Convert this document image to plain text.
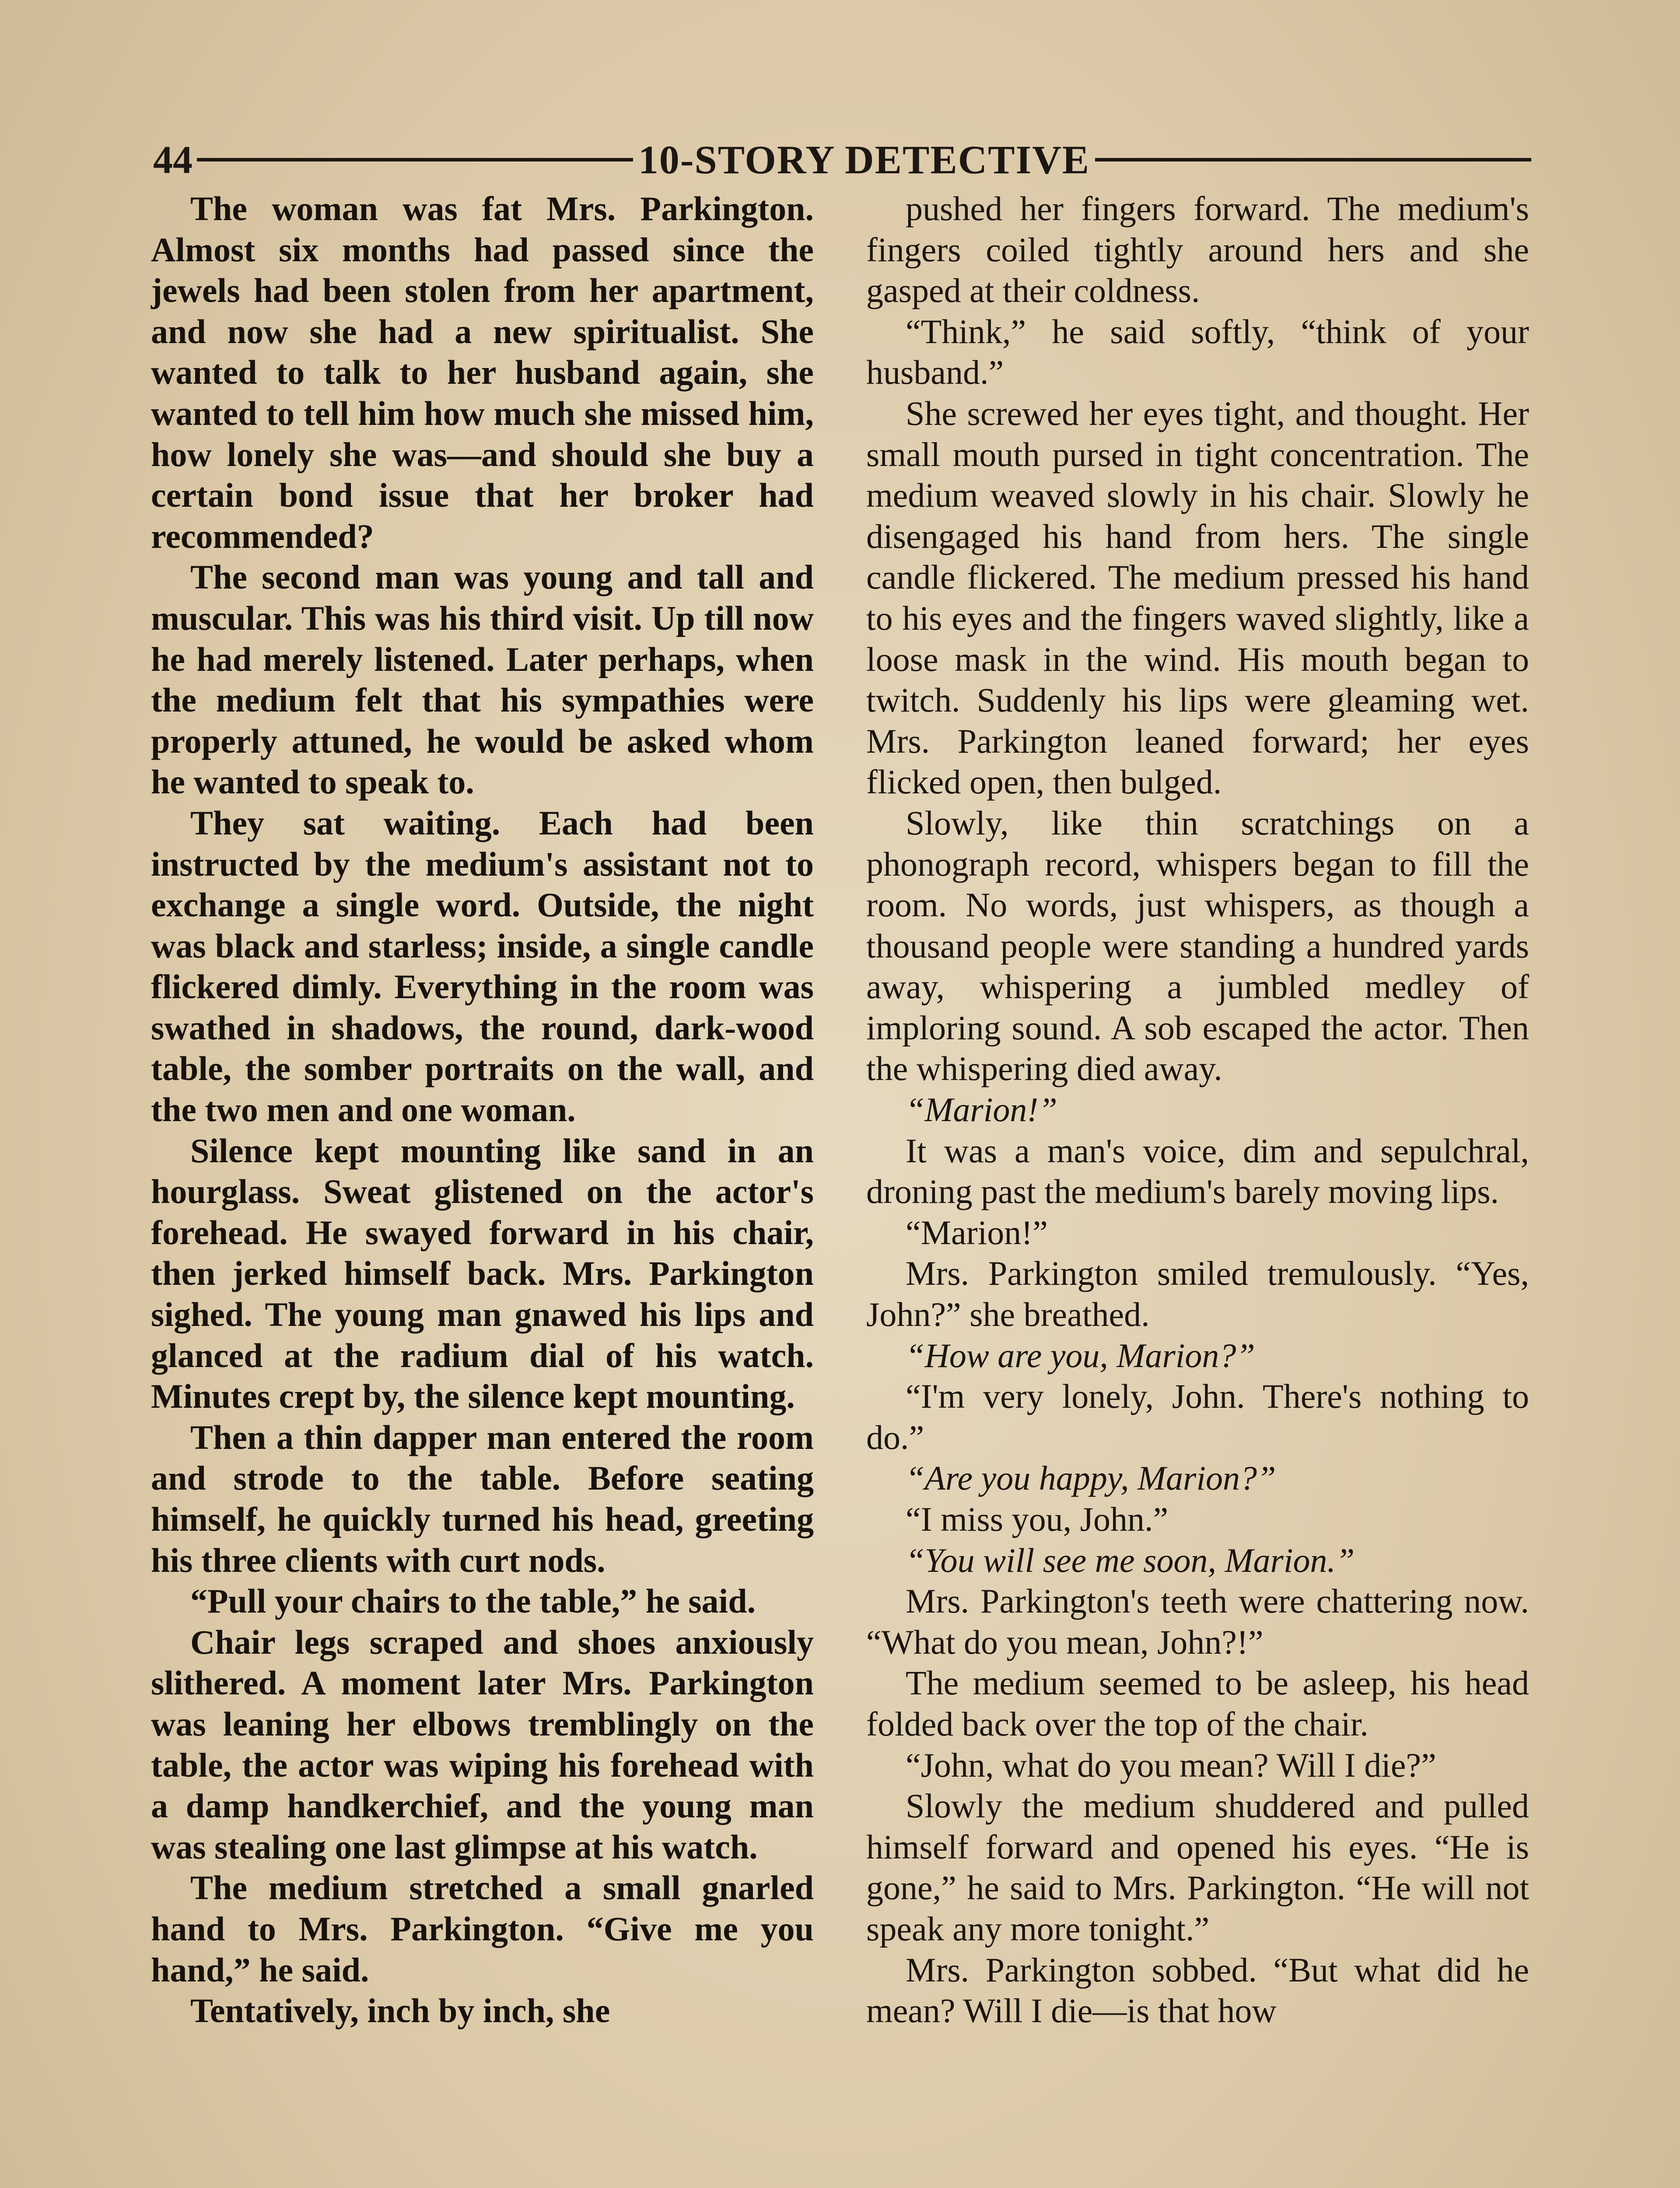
44	10-STORY DETECTIVE

The woman was fat Mrs. Parkington. Almost six months had passed since the jewels had been stolen from her apartment, and now she had a new spiritualist. She wanted to talk to her husband again, she wanted to tell him how much she missed him, how lonely she was—and should she buy a certain bond issue that her broker had recommended?

The second man was young and tall and muscular. This was his third visit. Up till now he had merely listened. Later perhaps, when the medium felt that his sympathies were properly attuned, he would be asked whom he wanted to speak to.

They sat waiting. Each had been instructed by the medium's assistant not to exchange a single word. Outside, the night was black and starless; inside, a single candle flickered dimly. Everything in the room was swathed in shadows, the round, dark-wood table, the somber portraits on the wall, and the two men and one woman.

Silence kept mounting like sand in an hourglass. Sweat glistened on the actor's forehead. He swayed forward in his chair, then jerked himself back. Mrs. Parkington sighed. The young man gnawed his lips and glanced at the radium dial of his watch. Minutes crept by, the silence kept mounting.

Then a thin dapper man entered the room and strode to the table. Before seating himself, he quickly turned his head, greeting his three clients with curt nods.

“Pull your chairs to the table,” he said.

Chair legs scraped and shoes anxiously slithered. A moment later Mrs. Parkington was leaning her elbows tremblingly on the table, the actor was wiping his forehead with a damp handkerchief, and the young man was stealing one last glimpse at his watch.

The medium stretched a small gnarled hand to Mrs. Parkington. “Give me you hand,” he said.

Tentatively, inch by inch, she

pushed her fingers forward. The medium's fingers coiled tightly around hers and she gasped at their coldness.

“Think,” he said softly, “think of your husband.”

She screwed her eyes tight, and thought. Her small mouth pursed in tight concentration. The medium weaved slowly in his chair. Slowly he disengaged his hand from hers. The single candle flickered. The medium pressed his hand to his eyes and the fingers waved slightly, like a loose mask in the wind. His mouth began to twitch. Suddenly his lips were gleaming wet. Mrs. Parkington leaned forward; her eyes flicked open, then bulged.

Slowly, like thin scratchings on a phonograph record, whispers began to fill the room. No words, just whispers, as though a thousand people were standing a hundred yards away, whispering a jumbled medley of imploring sound. A sob escaped the actor. Then the whispering died away.

“Marion!”

It was a man's voice, dim and sepulchral, droning past the medium's barely moving lips.

“Marion!”

Mrs. Parkington smiled tremulously. “Yes, John?” she breathed.

“How are you, Marion?”

“I'm very lonely, John. There's nothing to do.”

“Are you happy, Marion?”

“I miss you, John.”

“You will see me soon, Marion.”

Mrs. Parkington's teeth were chattering now. “What do you mean, John?!”

The medium seemed to be asleep, his head folded back over the top of the chair.

“John, what do you mean? Will I die?”

Slowly the medium shuddered and pulled himself forward and opened his eyes. “He is gone,” he said to Mrs. Parkington. “He will not speak any more tonight.”

Mrs. Parkington sobbed. “But what did he mean? Will I die—is that how
